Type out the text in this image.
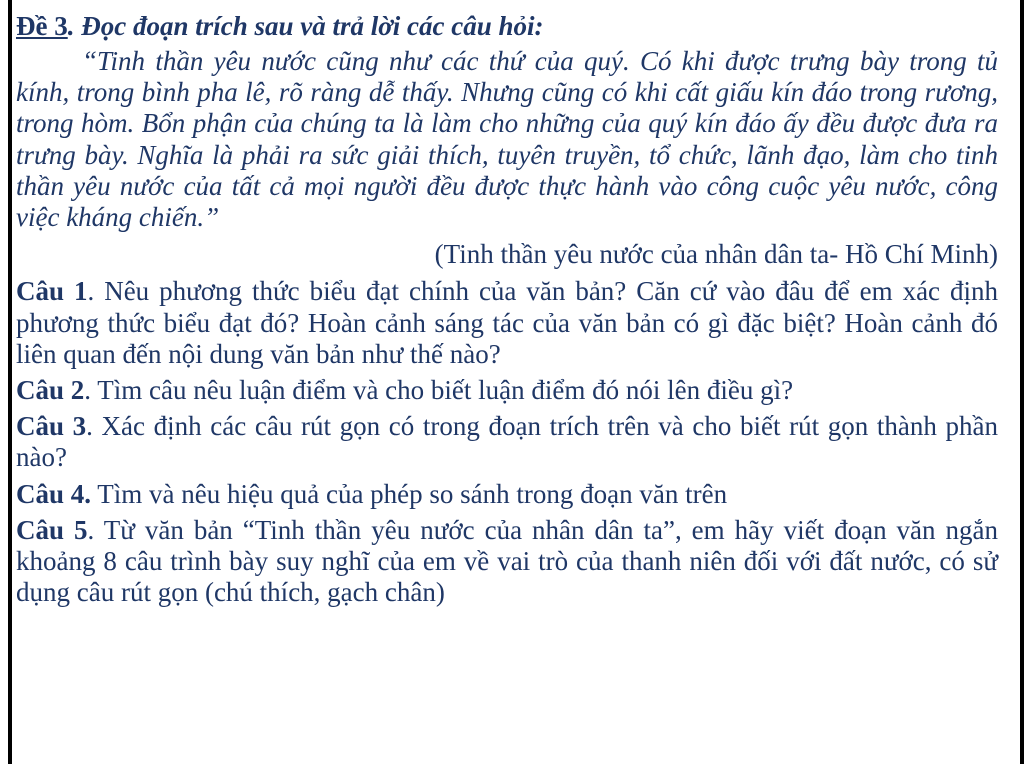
Đề 3. Đọc đoạn trích sau và trả lời các câu hỏi:

“Tinh thần yêu nước cũng như các thứ của quý. Có khi được trưng bày trong tủ kính, trong bình pha lê, rõ ràng dễ thấy. Nhưng cũng có khi cất giấu kín đáo trong rương, trong hòm. Bổn phận của chúng ta là làm cho những của quý kín đáo ấy đều được đưa ra trưng bày. Nghĩa là phải ra sức giải thích, tuyên truyền, tổ chức, lãnh đạo, làm cho tinh thần yêu nước của tất cả mọi người đều được thực hành vào công cuộc yêu nước, công việc kháng chiến.”

(Tinh thần yêu nước của nhân dân ta- Hồ Chí Minh)
Câu 1. Nêu phương thức biểu đạt chính của văn bản? Căn cứ vào đâu để em xác định phương thức biểu đạt đó? Hoàn cảnh sáng tác của văn bản có gì đặc biệt? Hoàn cảnh đó liên quan đến nội dung văn bản như thế nào?
Câu 2. Tìm câu nêu luận điểm và cho biết luận điểm đó nói lên điều gì?
Câu 3. Xác định các câu rút gọn có trong đoạn trích trên và cho biết rút gọn thành phần nào?
Câu 4. Tìm và nêu hiệu quả của phép so sánh trong đoạn văn trên
Câu 5. Từ văn bản “Tinh thần yêu nước của nhân dân ta”, em hãy viết đoạn văn ngắn khoảng 8 câu trình bày suy nghĩ của em về vai trò của thanh niên đối với đất nước, có sử dụng câu rút gọn (chú thích, gạch chân)
